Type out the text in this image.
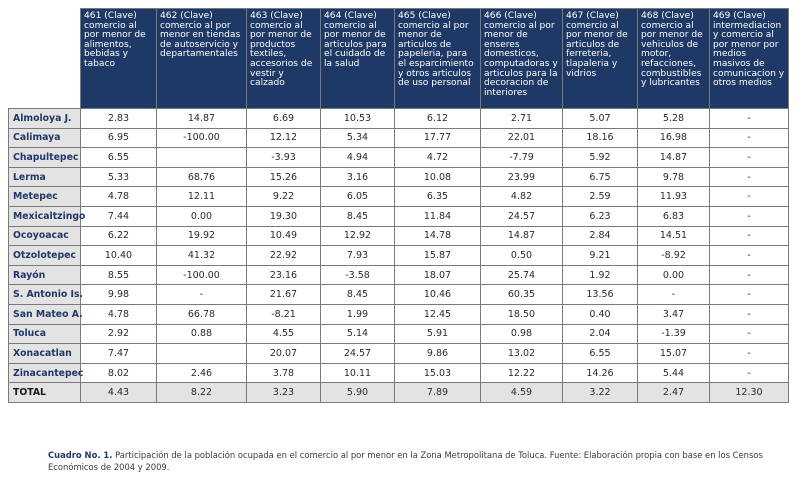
	461 (Clave) comercio al por menor de alimentos, bebidas y tabaco	462 (Clave) comercio al por menor en tiendas de autoservicio y departamentales	463 (Clave) comercio al por menor de productos textiles, accesorios de vestir y calzado	464 (Clave) comercio al por menor de articulos para el cuidado de la salud	465 (Clave) comercio al por menor de articulos de papeleria, para el esparcimiento y otros articulos de uso personal	466 (Clave) comercio al por menor de enseres domesticos, computadoras y articulos para la decoracion de interiores	467 (Clave) comercio al por menor de articulos de ferreteria, tlapaleria y vidrios	468 (Clave) comercio al por menor de vehiculos de motor, refacciones, combustibles y lubricantes	469 (Clave) intermediacion y comercio al por menor por medios masivos de comunicacion y otros medios
Almoloya J.	2.83	14.87	6.69	10.53	6.12	2.71	5.07	5.28	-
Calimaya	6.95	-100.00	12.12	5.34	17.77	22.01	18.16	16.98	-
Chapultepec	6.55		-3.93	4.94	4.72	-7.79	5.92	14.87	-
Lerma	5.33	68.76	15.26	3.16	10.08	23.99	6.75	9.78	-
Metepec	4.78	12.11	9.22	6.05	6.35	4.82	2.59	11.93	-
Mexicaltzingo	7.44	0.00	19.30	8.45	11.84	24.57	6.23	6.83	-
Ocoyoacac	6.22	19.92	10.49	12.92	14.78	14.87	2.84	14.51	-
Otzolotepec	10.40	41.32	22.92	7.93	15.87	0.50	9.21	-8.92	-
Rayón	8.55	-100.00	23.16	-3.58	18.07	25.74	1.92	0.00	-
S. Antonio Is.	9.98	-	21.67	8.45	10.46	60.35	13.56	-	-
San Mateo A.	4.78	66.78	-8.21	1.99	12.45	18.50	0.40	3.47	-
Toluca	2.92	0.88	4.55	5.14	5.91	0.98	2.04	-1.39	-
Xonacatlan	7.47		20.07	24.57	9.86	13.02	6.55	15.07	-
Zinacantepec	8.02	2.46	3.78	10.11	15.03	12.22	14.26	5.44	-
TOTAL	4.43	8.22	3.23	5.90	7.89	4.59	3.22	2.47	12.30
Cuadro No. 1. Participación de la población ocupada en el comercio al por menor en la Zona Metropolitana de Toluca. Fuente: Elaboración propia con base en los Censos Económicos de 2004 y 2009.
